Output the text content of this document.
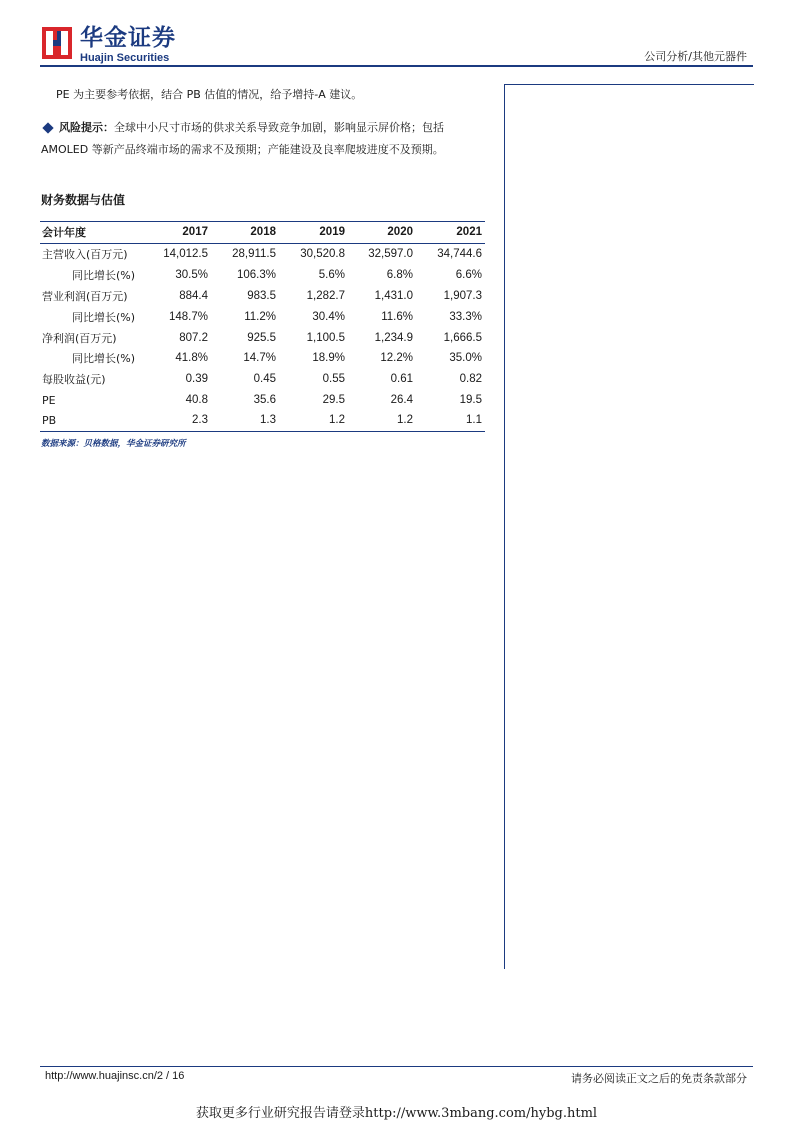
华金证券
Huajin Securities	公司分析/其他元器件
PE 为主要参考依据，结合 PB 估值的情况，给予增持-A 建议。
风险提示：全球中小尺寸市场的供求关系导致竞争加剧，影响显示屏价格；包括AMOLED 等新产品终端市场的需求不及预期；产能建设及良率爬坡进度不及预期。
财务数据与估值
会计年度	2017	2018	2019	2020	2021
主营收入(百万元)	14,012.5	28,911.5	30,520.8	32,597.0	34,744.6
同比增长(%)	30.5%	106.3%	5.6%	6.8%	6.6%
营业利润(百万元)	884.4	983.5	1,282.7	1,431.0	1,907.3
同比增长(%)	148.7%	11.2%	30.4%	11.6%	33.3%
净利润(百万元)	807.2	925.5	1,100.5	1,234.9	1,666.5
同比增长(%)	41.8%	14.7%	18.9%	12.2%	35.0%
每股收益(元)	0.39	0.45	0.55	0.61	0.82
PE	40.8	35.6	29.5	26.4	19.5
PB	2.3	1.3	1.2	1.2	1.1
数据来源：贝格数据，华金证券研究所
http://www.huajinsc.cn/2 / 16	请务必阅读正文之后的免责条款部分
获取更多行业研究报告请登录http://www.3mbang.com/hybg.html
